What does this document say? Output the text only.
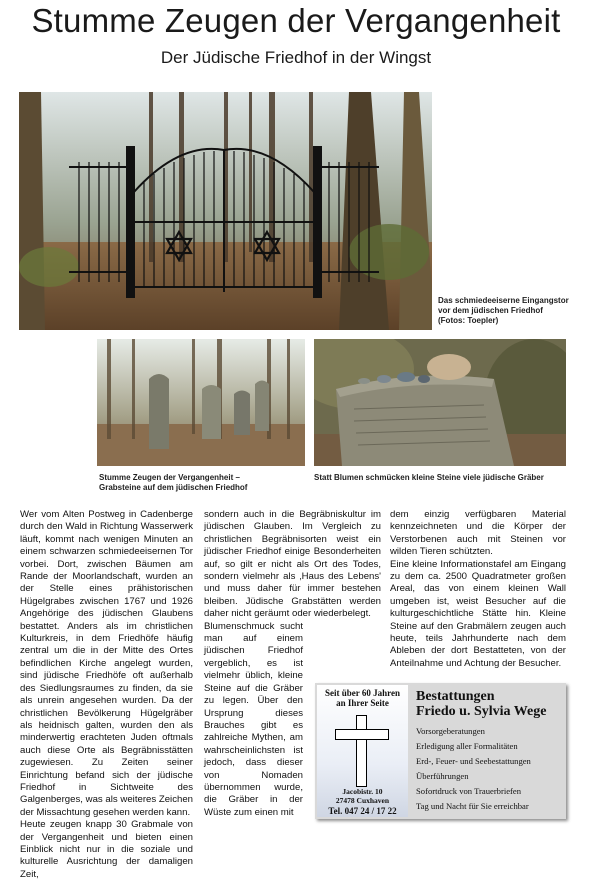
Stumme Zeugen der Vergangenheit
Der Jüdische Friedhof in der Wingst
Das schmiedeeiserne Eingangstor
vor dem jüdischen Friedhof
(Fotos: Toepler)
Stumme Zeugen der Vergangenheit –
Grabsteine auf dem jüdischen Friedhof
Statt Blumen schmücken kleine Steine viele jüdische Gräber

Wer vom Alten Postweg in Cadenberge durch den Wald in Richtung Wasserwerk läuft, kommt nach wenigen Minuten an einem schwarzen schmiedeeisernen Tor vorbei. Dort, zwischen Bäumen am Rande der Moorlandschaft, wurden an der Stelle eines prähistorischen Hügelgrabes zwischen 1767 und 1926 Angehörige des jüdischen Glaubens bestattet. Anders als im christlichen Kulturkreis, in dem Friedhöfe häufig zentral um die in der Mitte des Ortes befindlichen Kirche angelegt wurden, sind jüdische Friedhöfe oft außerhalb des Siedlungsraumes zu finden, da sie als unrein angesehen wurden. Da der christlichen Bevölkerung Hügelgräber als heidnisch galten, wurden den als minderwertig erachteten Juden oftmals auch diese Orte als Begräbnisstätten zugewiesen. Zu Zeiten seiner Einrichtung befand sich der jüdische Friedhof in Sichtweite des Galgenberges, was als weiteres Zeichen der Missachtung gesehen werden kann.

Heute zeugen knapp 30 Grabmale von der Vergangenheit und bieten einen Einblick nicht nur in die soziale und kulturelle Ausrichtung der damaligen Zeit,

sondern auch in die Begräbniskultur im jüdischen Glauben. Im Vergleich zu christlichen Begräbnisorten weist ein jüdischer Friedhof einige Besonderheiten auf, so gilt er nicht als Ort des Todes, sondern vielmehr als ‚Haus des Lebens' und muss daher für immer bestehen bleiben. Jüdische Grabstätten werden daher nicht geräumt oder wiederbelegt.

Blumenschmuck sucht man auf einem jüdischen Friedhof vergeblich, es ist vielmehr üblich, kleine Steine auf die Gräber zu legen. Über den Ursprung dieses Brauches gibt es zahlreiche Mythen, am wahrscheinlichsten ist jedoch, dass dieser von Nomaden übernommen wurde, die Gräber in der Wüste zum einen mit

dem einzig verfügbaren Material kennzeichneten und die Körper der Verstorbenen auch mit Steinen vor wilden Tieren schützten.

Eine kleine Informationstafel am Eingang zu dem ca. 2500 Quadratmeter großen Areal, das von einem kleinen Wall umgeben ist, weist Besucher auf die kulturgeschichtliche Stätte hin. Kleine Steine auf den Grabmälern zeugen auch heute, teils Jahrhunderte nach dem Ableben der dort Bestatteten, von der Anteilnahme und Achtung der Besucher.

Seit über 60 Jahren
an Ihrer Seite
Jacobistr. 10
27478 Cuxhaven
Tel. 047 24 / 17 22
Bestattungen
Friedo u. Sylvia Wege
Vorsorgeberatungen
Erledigung aller Formalitäten
Erd-, Feuer- und Seebestattungen
Überführungen
Sofortdruck von Trauerbriefen
Tag und Nacht für Sie erreichbar
